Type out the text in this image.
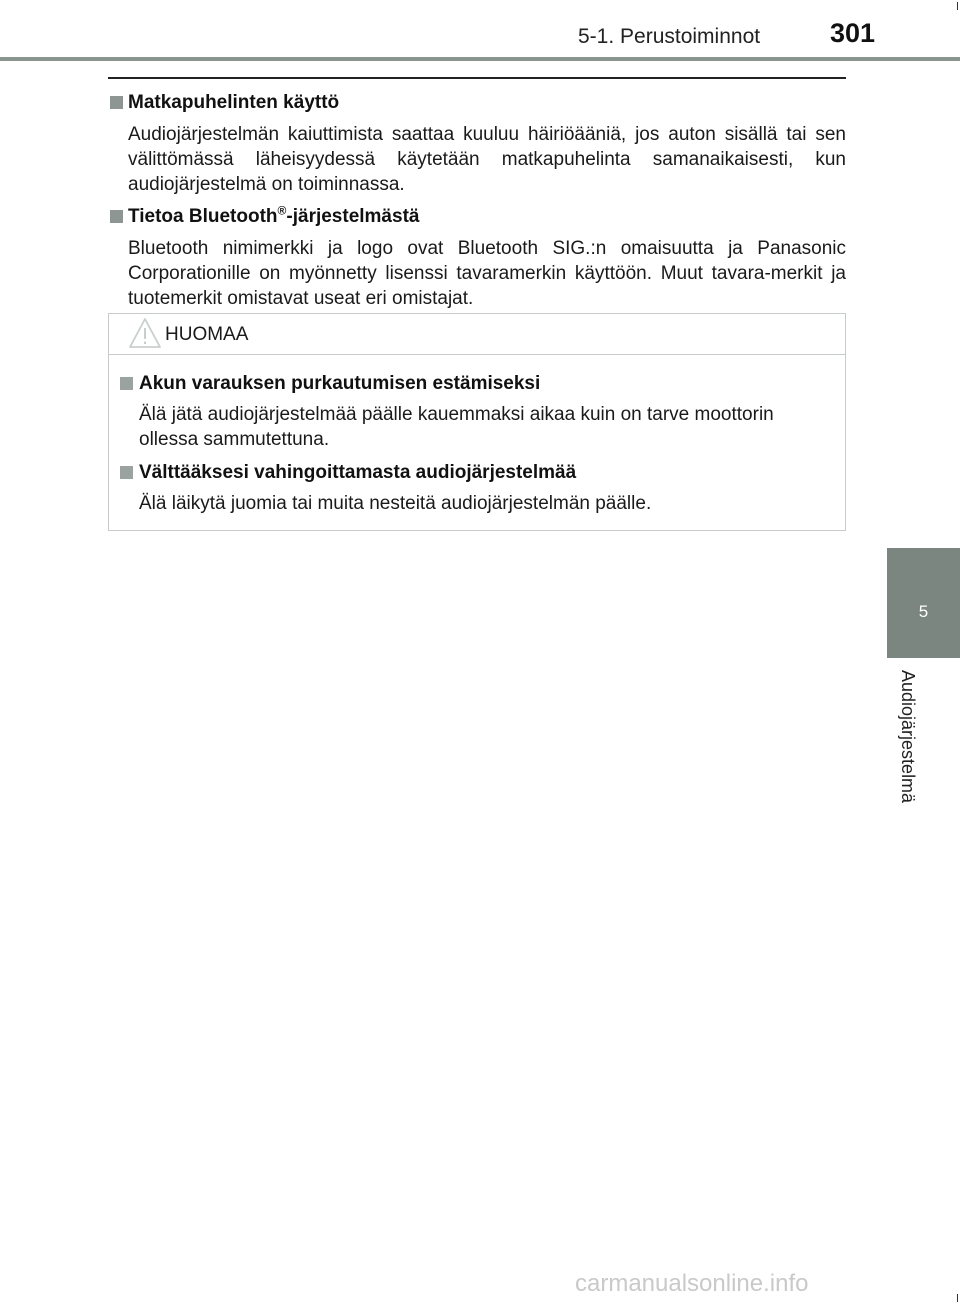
5-1. Perustoiminnot	301
5
Audiojärjestelmä
Matkapuhelinten käyttö
Audiojärjestelmän kaiuttimista saattaa kuuluu häiriöääniä, jos auton sisällä tai sen välittömässä läheisyydessä käytetään matkapuhelinta samanaikaisesti, kun audiojärjestelmä on toiminnassa.
Tietoa Bluetooth®-järjestelmästä
Bluetooth nimimerkki ja logo ovat Bluetooth SIG.:n omaisuutta ja Panasonic Corporationille on myönnetty lisenssi tavaramerkin käyttöön. Muut tavara-merkit ja tuotemerkit omistavat useat eri omistajat.
HUOMAA
Akun varauksen purkautumisen estämiseksi
Älä jätä audiojärjestelmää päälle kauemmaksi aikaa kuin on tarve moottorin ollessa sammutettuna.
Välttääksesi vahingoittamasta audiojärjestelmää
Älä läikytä juomia tai muita nesteitä audiojärjestelmän päälle.
carmanualsonline.info
